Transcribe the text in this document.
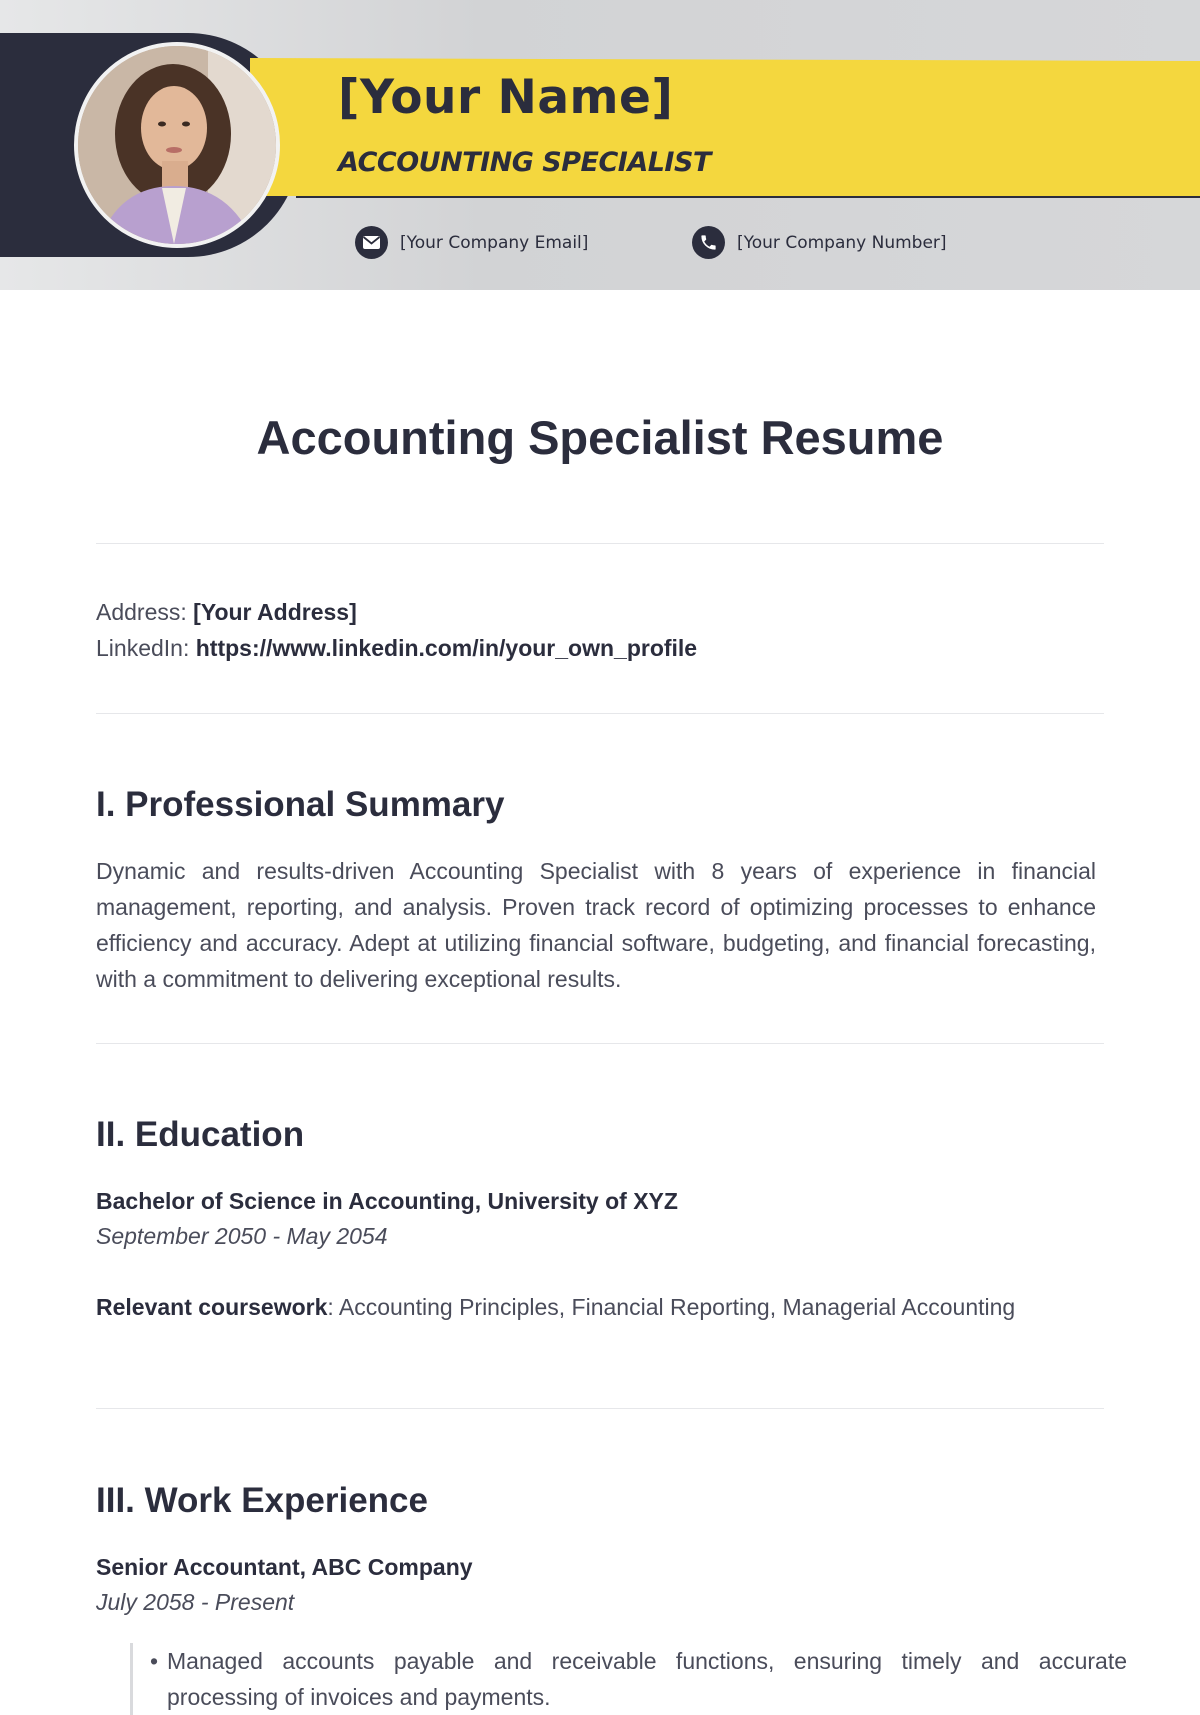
[Your Name]
ACCOUNTING SPECIALIST
[Your Company Email]	[Your Company Number]
Accounting Specialist Resume
Address: [Your Address]
LinkedIn: https://www.linkedin.com/in/your_own_profile
I. Professional Summary
Dynamic and results-driven Accounting Specialist with 8 years of experience in financial management, reporting, and analysis. Proven track record of optimizing processes to enhance efficiency and accuracy. Adept at utilizing financial software, budgeting, and financial forecasting, with a commitment to delivering exceptional results.
II. Education
Bachelor of Science in Accounting, University of XYZ
September 2050 - May 2054
Relevant coursework: Accounting Principles, Financial Reporting, Managerial Accounting
III. Work Experience
Senior Accountant, ABC Company
July 2058 - Present
• Managed accounts payable and receivable functions, ensuring timely and accurate processing of invoices and payments.
